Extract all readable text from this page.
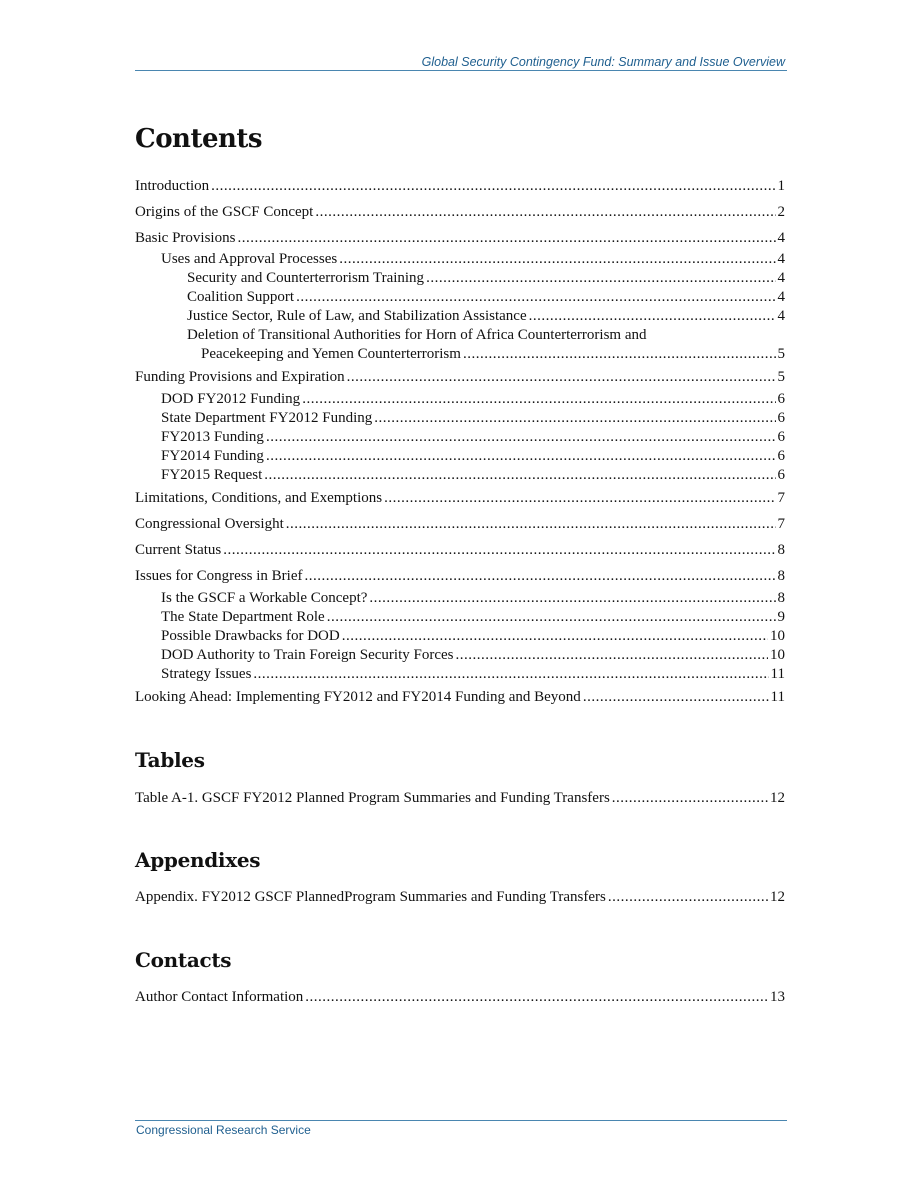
Global Security Contingency Fund: Summary and Issue Overview
Contents
Introduction .....	1
Origins of the GSCF Concept .....	2
Basic Provisions .....	4
Uses and Approval Processes .....	4
Security and Counterterrorism Training .....	4
Coalition Support .....	4
Justice Sector, Rule of Law, and Stabilization Assistance .....	4
Deletion of Transitional Authorities for Horn of Africa Counterterrorism and
Peacekeeping and Yemen Counterterrorism .....	5
Funding Provisions and Expiration .....	5
DOD FY2012 Funding .....	6
State Department FY2012 Funding .....	6
FY2013 Funding .....	6
FY2014 Funding .....	6
FY2015 Request .....	6
Limitations, Conditions, and Exemptions .....	7
Congressional Oversight .....	7
Current Status .....	8
Issues for Congress in Brief .....	8
Is the GSCF a Workable Concept? .....	8
The State Department Role .....	9
Possible Drawbacks for DOD .....	10
DOD Authority to Train Foreign Security Forces .....	10
Strategy Issues .....	11
Looking Ahead: Implementing FY2012 and FY2014 Funding and Beyond .....	11
Tables
Table A-1. GSCF FY2012 Planned Program Summaries and Funding Transfers .....	12
Appendixes
Appendix. FY2012 GSCF PlannedProgram Summaries and Funding Transfers .....	12
Contacts
Author Contact Information .....	13
Congressional Research Service
